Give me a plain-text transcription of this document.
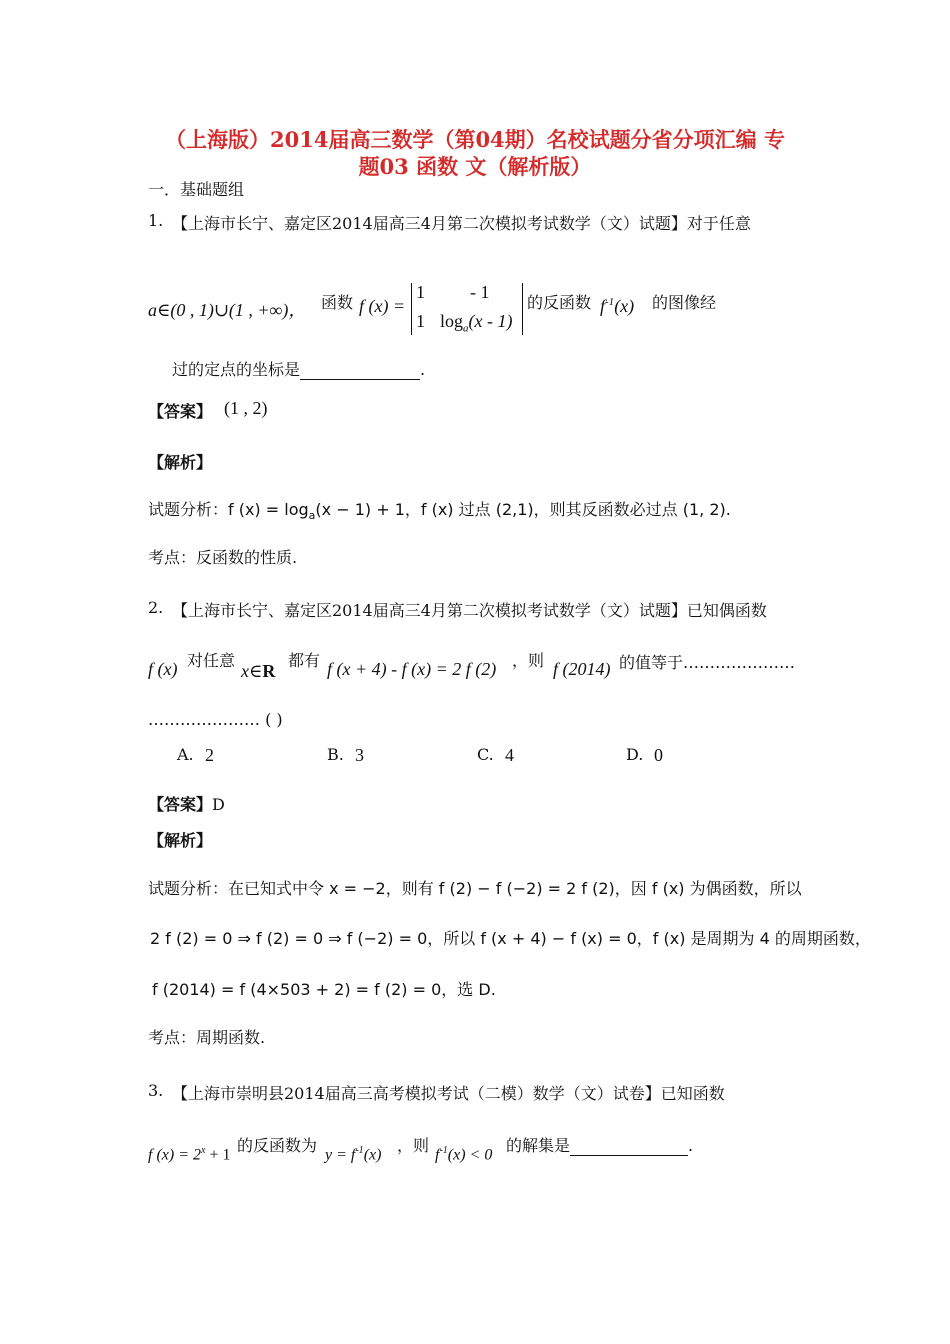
（上海版）2014届高三数学（第04期）名校试题分省分项汇编 专
题03 函数 文（解析版）
一．基础题组
1. 【上海市长宁、嘉定区2014届高三4月第二次模拟考试数学（文）试题】对于任意
a∈(0 , 1)∪(1 , +∞)， 函数 f (x) =
1	- 1
1 $\log_a(x - 1)$
的反函数 $f^{-1}(x)$ 的图像经
过的定点的坐标是	.
【答案】 (1 , 2)
【解析】
试题分析：f $(x) = \log_a(x - 1) + 1$，f (x) 过点 (2,1)，则其反函数必过点 (1, 2).
考点：反函数的性质.
2. 【上海市长宁、嘉定区2014届高三4月第二次模拟考试数学（文）试题】已知偶函数
f (x) 对任意
x∈R
都有 f (x + 4) - f (x) = 2 f (2) ，则 f (2014) 的值等于…………………
………………… ( )
A. 2	B. 3	C. 4	D. 0
【答案】D
【解析】
试题分析：在已知式中令 x = −2，则有 f (2) − f (−2) = 2 f (2)，因 f (x) 为偶函数，所以
2 f (2) = 0 ⇒ f (2) = 0 ⇒ f (−2) = 0，所以 f (x + 4) − f (x) = 0，f (x) 是周期为 4 的周期函数，
f (2014) = f (4×503 + 2) = f (2) = 0，选 D.
考点：周期函数.
3. 【上海市崇明县2014届高三高考模拟考试（二模）数学（文）试卷】已知函数
f $(x) = 2^x + 1$ 的反函数为 $y = f^{-1}(x)$ ，则 $f^{-1}(x) < 0$ 的解集是	.
